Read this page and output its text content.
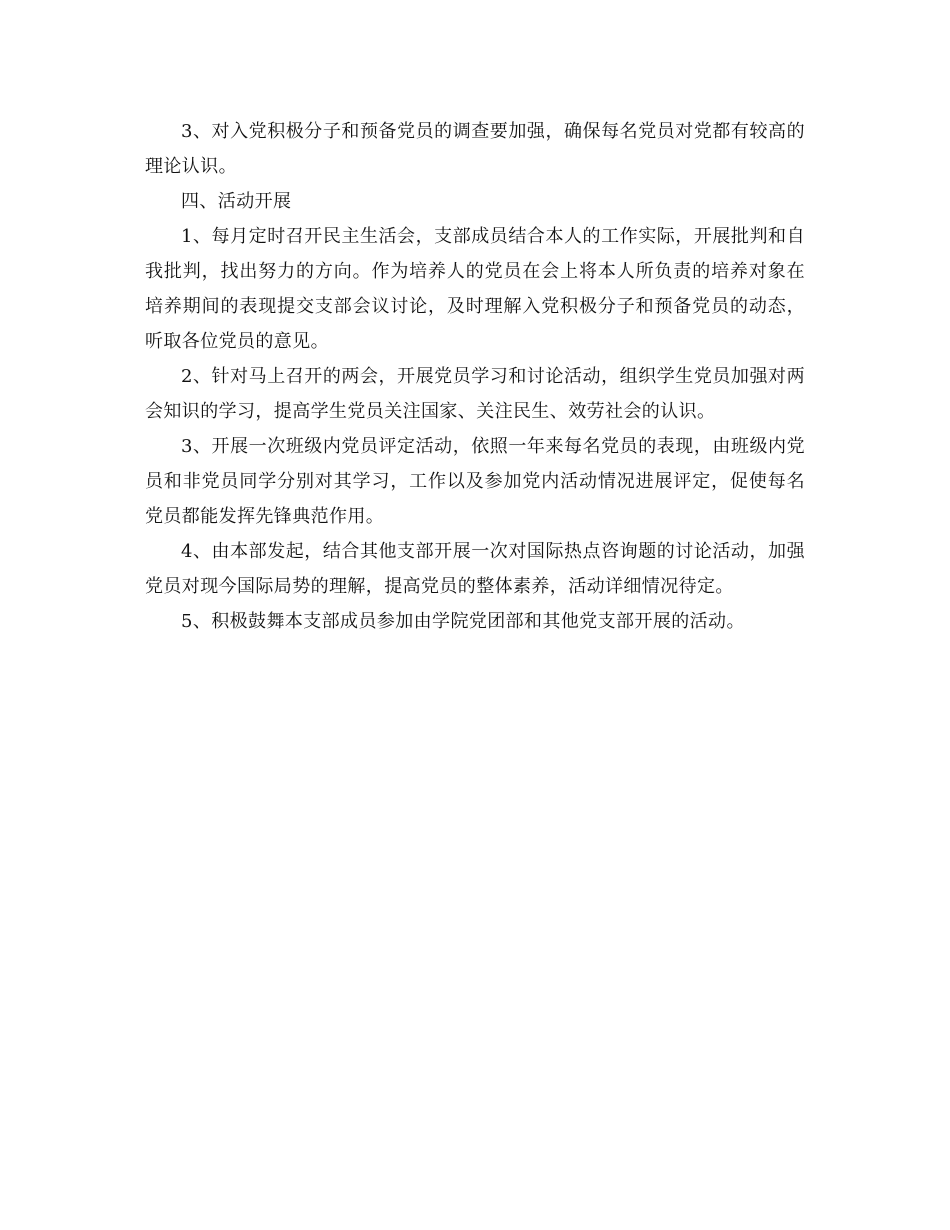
3、对入党积极分子和预备党员的调查要加强，确保每名党员对党都有较高的理论认识。

四、活动开展

1、每月定时召开民主生活会，支部成员结合本人的工作实际，开展批判和自我批判，找出努力的方向。作为培养人的党员在会上将本人所负责的培养对象在培养期间的表现提交支部会议讨论，及时理解入党积极分子和预备党员的动态，听取各位党员的意见。

2、针对马上召开的两会，开展党员学习和讨论活动，组织学生党员加强对两会知识的学习，提高学生党员关注国家、关注民生、效劳社会的认识。

3、开展一次班级内党员评定活动，依照一年来每名党员的表现，由班级内党员和非党员同学分别对其学习，工作以及参加党内活动情况进展评定，促使每名党员都能发挥先锋典范作用。

4、由本部发起，结合其他支部开展一次对国际热点咨询题的讨论活动，加强党员对现今国际局势的理解，提高党员的整体素养，活动详细情况待定。

5、积极鼓舞本支部成员参加由学院党团部和其他党支部开展的活动。
